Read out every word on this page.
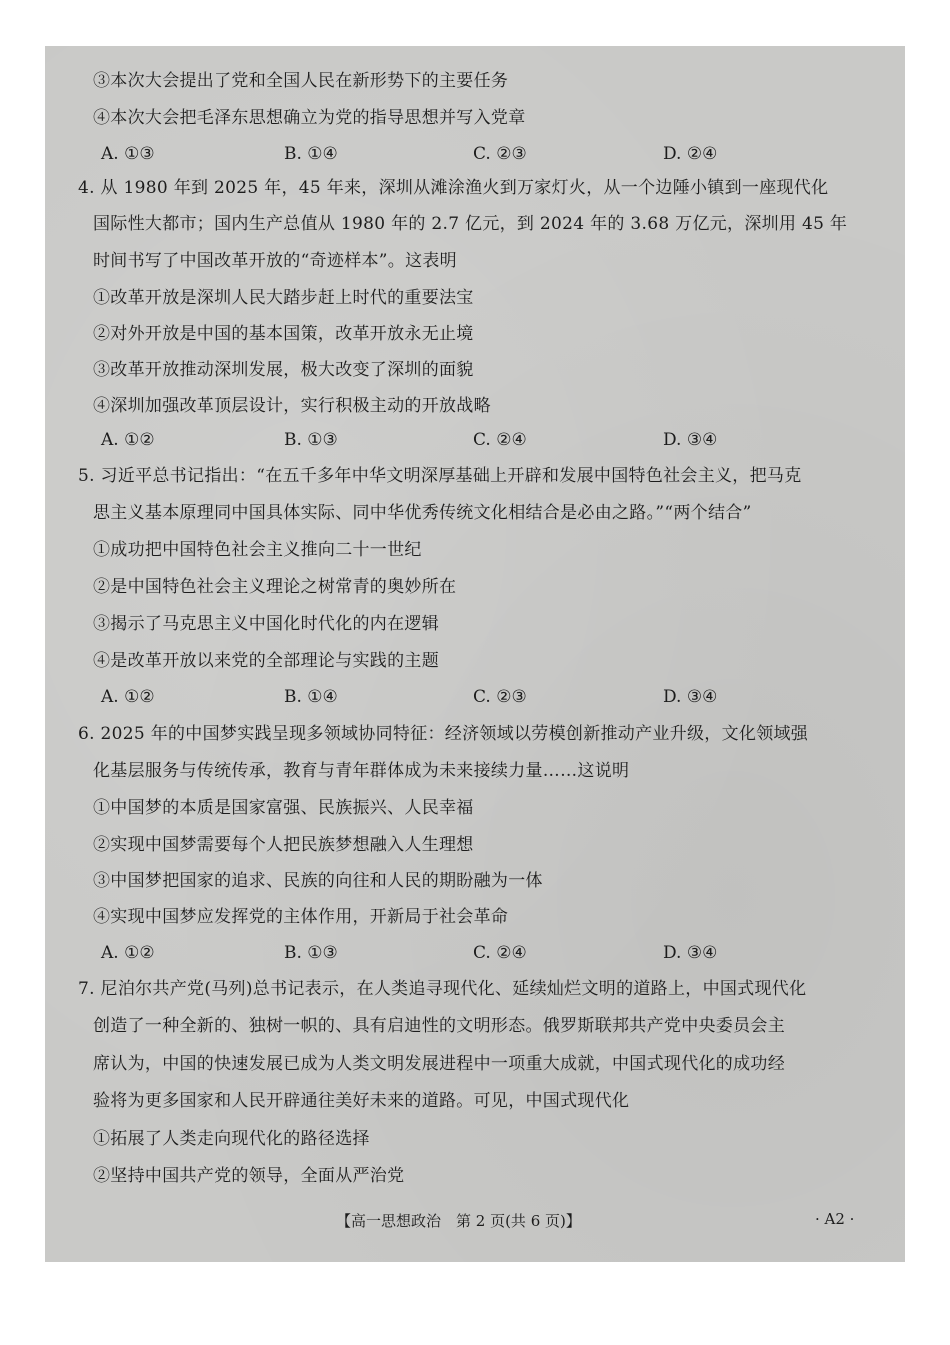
③本次大会提出了党和全国人民在新形势下的主要任务
④本次大会把毛泽东思想确立为党的指导思想并写入党章
A. ①③	B. ①④	C. ②③	D. ②④
4. 从 1980 年到 2025 年，45 年来，深圳从滩涂渔火到万家灯火，从一个边陲小镇到一座现代化
国际性大都市；国内生产总值从 1980 年的 2.7 亿元，到 2024 年的 3.68 万亿元，深圳用 45 年
时间书写了中国改革开放的“奇迹样本”。这表明
①改革开放是深圳人民大踏步赶上时代的重要法宝
②对外开放是中国的基本国策，改革开放永无止境
③改革开放推动深圳发展，极大改变了深圳的面貌
④深圳加强改革顶层设计，实行积极主动的开放战略
A. ①②	B. ①③	C. ②④	D. ③④
5. 习近平总书记指出：“在五千多年中华文明深厚基础上开辟和发展中国特色社会主义，把马克
思主义基本原理同中国具体实际、同中华优秀传统文化相结合是必由之路。”“两个结合”
①成功把中国特色社会主义推向二十一世纪
②是中国特色社会主义理论之树常青的奥妙所在
③揭示了马克思主义中国化时代化的内在逻辑
④是改革开放以来党的全部理论与实践的主题
A. ①②	B. ①④	C. ②③	D. ③④
6. 2025 年的中国梦实践呈现多领域协同特征：经济领域以劳模创新推动产业升级，文化领域强
化基层服务与传统传承，教育与青年群体成为未来接续力量……这说明
①中国梦的本质是国家富强、民族振兴、人民幸福
②实现中国梦需要每个人把民族梦想融入人生理想
③中国梦把国家的追求、民族的向往和人民的期盼融为一体
④实现中国梦应发挥党的主体作用，开新局于社会革命
A. ①②	B. ①③	C. ②④	D. ③④
7. 尼泊尔共产党(马列)总书记表示，在人类追寻现代化、延续灿烂文明的道路上，中国式现代化
创造了一种全新的、独树一帜的、具有启迪性的文明形态。俄罗斯联邦共产党中央委员会主
席认为，中国的快速发展已成为人类文明发展进程中一项重大成就，中国式现代化的成功经
验将为更多国家和人民开辟通往美好未来的道路。可见，中国式现代化
①拓展了人类走向现代化的路径选择
②坚持中国共产党的领导，全面从严治党
【高一思想政治　第 2 页(共 6 页)】	· A2 ·
